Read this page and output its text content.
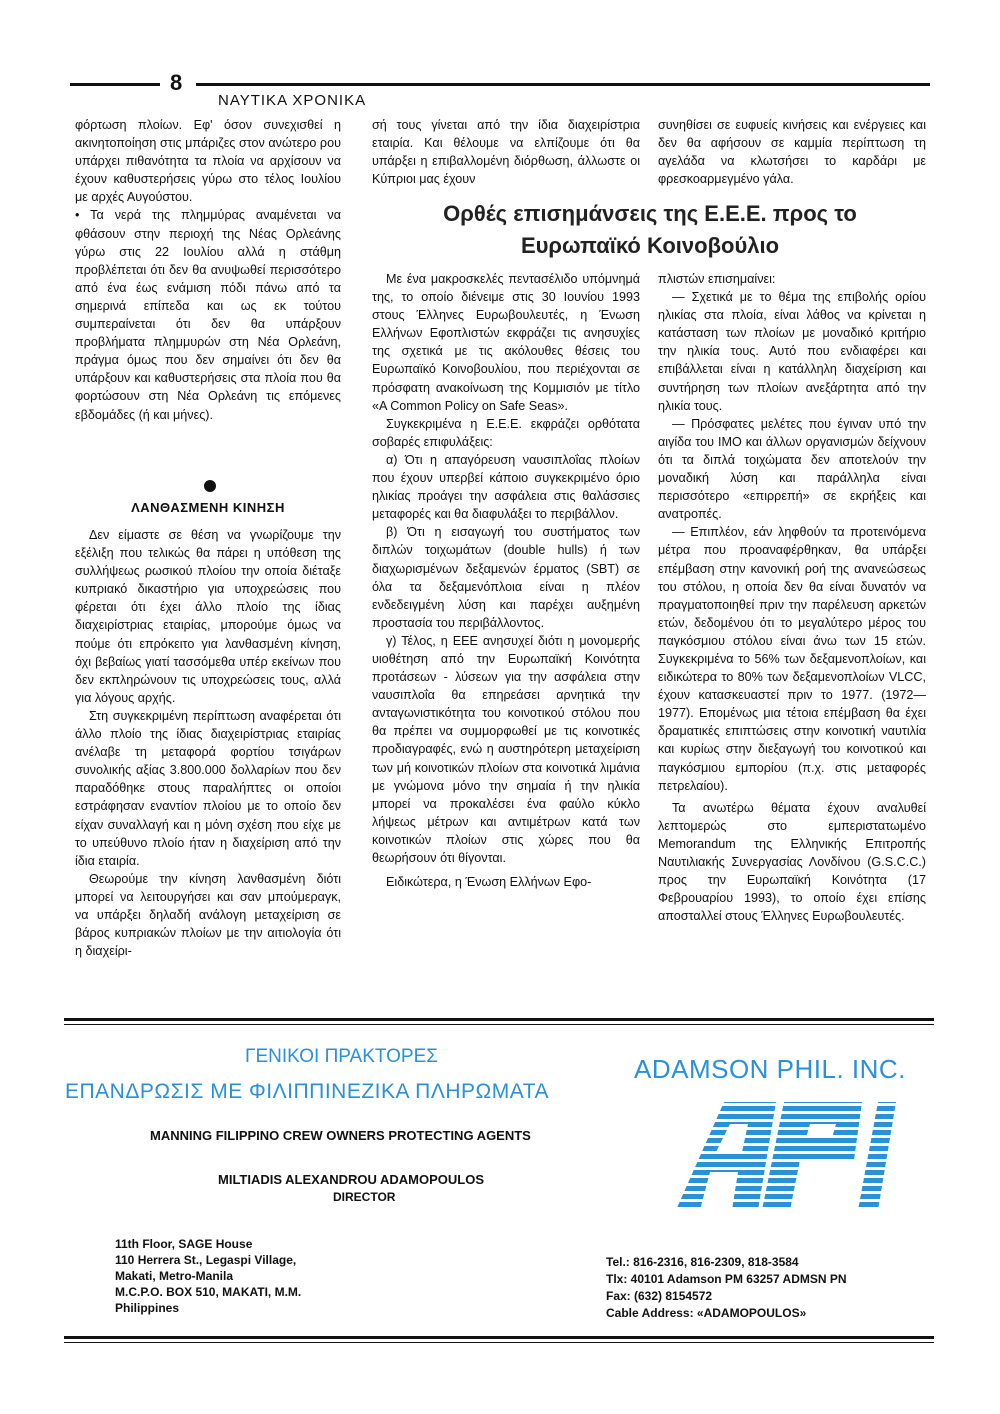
8
ΝΑΥΤΙΚΑ ΧΡΟΝΙΚΑ

φόρτωση πλοίων. Εφ' όσον συνεχισθεί η ακινητοποίηση στις μπάριζες στον ανώτερο ρου υπάρχει πιθανότητα τα πλοία να αρχίσουν να έχουν καθυστερήσεις γύρω στο τέλος Ιουλίου με αρχές Αυγούστου.

• Τα νερά της πλημμύρας αναμένεται να φθάσουν στην περιοχή της Νέας Ορλεάνης γύρω στις 22 Ιουλίου αλλά η στάθμη προβλέπεται ότι δεν θα ανυψωθεί περισσότερο από ένα έως ενάμιση πόδι πάνω από τα σημερινά επίπεδα και ως εκ τούτου συμπεραίνεται ότι δεν θα υπάρξουν προβλήματα πλημμυρών στη Νέα Ορλεάνη, πράγμα όμως που δεν σημαίνει ότι δεν θα υπάρξουν και καθυστερήσεις στα πλοία που θα φορτώσουν στη Νέα Ορλεάνη τις επόμενες εβδομάδες (ή και μήνες).

ΛΑΝΘΑΣΜΕΝΗ ΚΙΝΗΣΗ

Δεν είμαστε σε θέση να γνωρίζουμε την εξέλιξη που τελικώς θα πάρει η υπόθεση της συλλήψεως ρωσικού πλοίου την οποία διέταξε κυπριακό δικαστήριο για υποχρεώσεις που φέρεται ότι έχει άλλο πλοίο της ίδιας διαχειρίστριας εταιρίας, μπορούμε όμως να πούμε ότι επρόκειτο για λανθασμένη κίνηση, όχι βεβαίως γιατί τασσόμεθα υπέρ εκείνων που δεν εκπληρώνουν τις υποχρεώσεις τους, αλλά για λόγους αρχής.

Στη συγκεκριμένη περίπτωση αναφέρεται ότι άλλο πλοίο της ίδιας διαχειρίστριας εταιρίας ανέλαβε τη μεταφορά φορτίου τσιγάρων συνολικής αξίας 3.800.000 δολλαρίων που δεν παραδόθηκε στους παραλήπτες οι οποίοι εστράφησαν εναντίον πλοίου με το οποίο δεν είχαν συναλλαγή και η μόνη σχέση που είχε με το υπεύθυνο πλοίο ήταν η διαχείριση από την ίδια εταιρία.

Θεωρούμε την κίνηση λανθασμένη διότι μπορεί να λειτουργήσει και σαν μπούμεραγκ, να υπάρξει δηλαδή ανάλογη μεταχείριση σε βάρος κυπριακών πλοίων με την αιτιολογία ότι η διαχείρι-

σή τους γίνεται από την ίδια διαχειρίστρια εταιρία. Και θέλουμε να ελπίζουμε ότι θα υπάρξει η επιβαλλομένη διόρθωση, άλλωστε οι Κύπριοι μας έχουν

συνηθίσει σε ευφυείς κινήσεις και ενέργειες και δεν θα αφήσουν σε καμμία περίπτωση τη αγελάδα να κλωτσήσει το καρδάρι με φρεσκοαρμεγμένο γάλα.

Ορθές επισημάνσεις της Ε.Ε.Ε. προς το
Ευρωπαϊκό Κοινοβούλιο

Με ένα μακροσκελές πεντασέλιδο υπόμνημά της, το οποίο διένειμε στις 30 Ιουνίου 1993 στους Έλληνες Ευρωβουλευτές, η Ένωση Ελλήνων Εφοπλιστών εκφράζει τις ανησυχίες της σχετικά με τις ακόλουθες θέσεις του Ευρωπαϊκό Κοινοβουλίου, που περιέχονται σε πρόσφατη ανακοίνωση της Κομμισιόν με τίτλο «A Common Policy on Safe Seas».

Συγκεκριμένα η Ε.Ε.Ε. εκφράζει ορθότατα σοβαρές επιφυλάξεις:

α) Ότι η απαγόρευση ναυσιπλοΐας πλοίων που έχουν υπερβεί κάποιο συγκεκριμένο όριο ηλικίας προάγει την ασφάλεια στις θαλάσσιες μεταφορές και θα διαφυλάξει το περιβάλλον.

β) Ότι η εισαγωγή του συστήματος των διπλών τοιχωμάτων (double hulls) ή των διαχωρισμένων δεξαμενών έρματος (SBT) σε όλα τα δεξαμενόπλοια είναι η πλέον ενδεδειγμένη λύση και παρέχει αυξημένη προστασία του περιβάλλοντος.

γ) Τέλος, η ΕΕΕ ανησυχεί διότι η μονομερής υιοθέτηση από την Ευρωπαϊκή Κοινότητα προτάσεων - λύσεων για την ασφάλεια στην ναυσιπλοΐα θα επηρεάσει αρνητικά την ανταγωνιστικότητα του κοινοτικού στόλου που θα πρέπει να συμμορφωθεί με τις κοινοτικές προδιαγραφές, ενώ η αυστηρότερη μεταχείριση των μή κοινοτικών πλοίων στα κοινοτικά λιμάνια με γνώμονα μόνο την σημαία ή την ηλικία μπορεί να προκαλέσει ένα φαύλο κύκλο λήψεως μέτρων και αντιμέτρων κατά των κοινοτικών πλοίων στις χώρες που θα θεωρήσουν ότι θίγονται.

Ειδικώτερα, η Ένωση Ελλήνων Εφο-

πλιστών επισημαίνει:

— Σχετικά με το θέμα της επιβολής ορίου ηλικίας στα πλοία, είναι λάθος να κρίνεται η κατάσταση των πλοίων με μοναδικό κριτήριο την ηλικία τους. Αυτό που ενδιαφέρει και επιβάλλεται είναι η κατάλληλη διαχείριση και συντήρηση των πλοίων ανεξάρτητα από την ηλικία τους.

— Πρόσφατες μελέτες που έγιναν υπό την αιγίδα του ΙΜΟ και άλλων οργανισμών δείχνουν ότι τα διπλά τοιχώματα δεν αποτελούν την μοναδική λύση και παράλληλα είναι περισσότερο «επιρρεπή» σε εκρήξεις και ανατροπές.

— Επιπλέον, εάν ληφθούν τα προτεινόμενα μέτρα που προαναφέρθηκαν, θα υπάρξει επέμβαση στην κανονική ροή της ανανεώσεως του στόλου, η οποία δεν θα είναι δυνατόν να πραγματοποιηθεί πριν την παρέλευση αρκετών ετών, δεδομένου ότι το μεγαλύτερο μέρος του παγκόσμιου στόλου είναι άνω των 15 ετών. Συγκεκριμένα το 56% των δεξαμενοπλοίων, και ειδικώτερα το 80% των δεξαμενοπλοίων VLCC, έχουν κατασκευαστεί πριν το 1977. (1972—1977). Επομένως μια τέτοια επέμβαση θα έχει δραματικές επιπτώσεις στην κοινοτική ναυτιλία και κυρίως στην διεξαγωγή του κοινοτικού και παγκόσμιου εμπορίου (π.χ. στις μεταφορές πετρελαίου).

Τα ανωτέρω θέματα έχουν αναλυθεί λεπτομερώς στο εμπεριστατωμένο Memorandum της Ελληνικής Επιτροπής Ναυτιλιακής Συνεργασίας Λονδίνου (G.S.C.C.) προς την Ευρωπαϊκή Κοινότητα (17 Φεβρουαρίου 1993), το οποίο έχει επίσης αποσταλλεί στους Έλληνες Ευρωβουλευτές.

ΓΕΝΙΚΟΙ ΠΡΑΚΤΟΡΕΣ
ΕΠΑΝΔΡΩΣΙΣ ΜΕ ΦΙΛΙΠΠΙΝΕΖΙΚΑ ΠΛΗΡΩΜΑΤΑ
MANNING FILIPPINO CREW OWNERS PROTECTING AGENTS
MILTIADIS ALEXANDROU ADAMOPOULOS
DIRECTOR
11th Floor, SAGE House
110 Herrera St., Legaspi Village,
Makati, Metro-Manila
M.C.P.O. BOX 510, MAKATI, M.M.
Philippines
ADAMSON PHIL. INC.
Tel.: 816-2316, 816-2309, 818-3584
Tlx: 40101 Adamson PM 63257 ADMSN PN
Fax: (632) 8154572
Cable Address: «ADAMOPOULOS»
